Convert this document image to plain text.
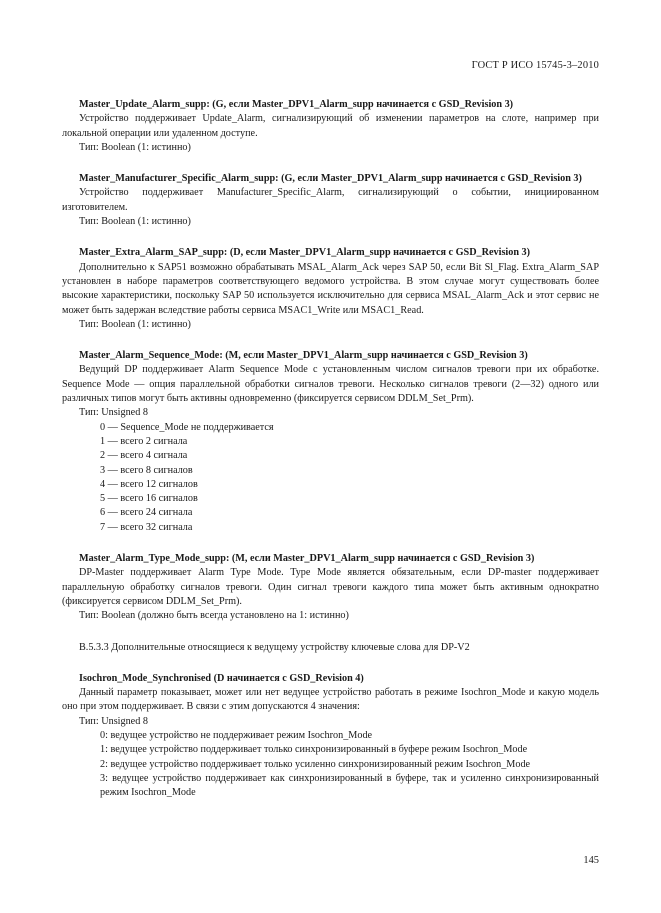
ГОСТ Р ИСО 15745-3–2010

Master_Update_Alarm_supp: (G, если Master_DPV1_Alarm_supp начинается с GSD_Revision 3)

Устройство поддерживает Update_Alarm, сигнализирующий об изменении параметров на слоте, например при локальной операции или удаленном доступе.

Тип: Boolean (1: истинно)

Master_Manufacturer_Specific_Alarm_supp: (G, если Master_DPV1_Alarm_supp начинается с GSD_Revision 3)

Устройство поддерживает Manufacturer_Specific_Alarm, сигнализирующий о событии, инициированном изготовителем.

Тип: Boolean (1: истинно)

Master_Extra_Alarm_SAP_supp: (D, если Master_DPV1_Alarm_supp начинается с GSD_Revision 3)

Дополнительно к SAP51 возможно обрабатывать MSAL_Alarm_Ack через SAP 50, если Bit Sl_Flag. Extra_Alarm_SAP установлен в наборе параметров соответствующего ведомого устройства. В этом случае могут существовать более высокие характеристики, поскольку SAP 50 используется исключительно для сервиса MSAL_Alarm_Ack и этот сервис не может быть задержан вследствие работы сервиса MSAC1_Write или MSAC1_Read.

Тип: Boolean (1: истинно)

Master_Alarm_Sequence_Mode: (M, если Master_DPV1_Alarm_supp начинается с GSD_Revision 3)

Ведущий DP поддерживает Alarm Sequence Mode с установленным числом сигналов тревоги при их обработке. Sequence Mode — опция параллельной обработки сигналов тревоги. Несколько сигналов тревоги (2—32) одного или различных типов могут быть активны одновременно (фиксируется сервисом DDLM_Set_Prm).

Тип: Unsigned 8

0 — Sequence_Mode не поддерживается

1 — всего 2 сигнала

2 — всего 4 сигнала

3 — всего 8 сигналов

4 — всего 12 сигналов

5 — всего 16 сигналов

6 — всего 24 сигнала

7 — всего 32 сигнала

Master_Alarm_Type_Mode_supp: (M, если Master_DPV1_Alarm_supp начинается с GSD_Revision 3)

DP-Master поддерживает Alarm Type Mode. Type Mode является обязательным, если DP-master поддерживает параллельную обработку сигналов тревоги. Один сигнал тревоги каждого типа может быть активным однократно (фиксируется сервисом DDLM_Set_Prm).

Тип: Boolean (должно быть всегда установлено на 1: истинно)

В.5.3.3 Дополнительные относящиеся к ведущему устройству ключевые слова для DP-V2

Isochron_Mode_Synchronised (D начинается с GSD_Revision 4)

Данный параметр показывает, может или нет ведущее устройство работать в режиме Isochron_Mode и какую модель оно при этом поддерживает. В связи с этим допускаются 4 значения:

Тип: Unsigned 8

0: ведущее устройство не поддерживает режим Isochron_Mode

1: ведущее устройство поддерживает только синхронизированный в буфере режим Isochron_Mode

2: ведущее устройство поддерживает только усиленно синхронизированный режим Isochron_Mode

3: ведущее устройство поддерживает как синхронизированный в буфере, так и усиленно синхронизированный режим Isochron_Mode

145
